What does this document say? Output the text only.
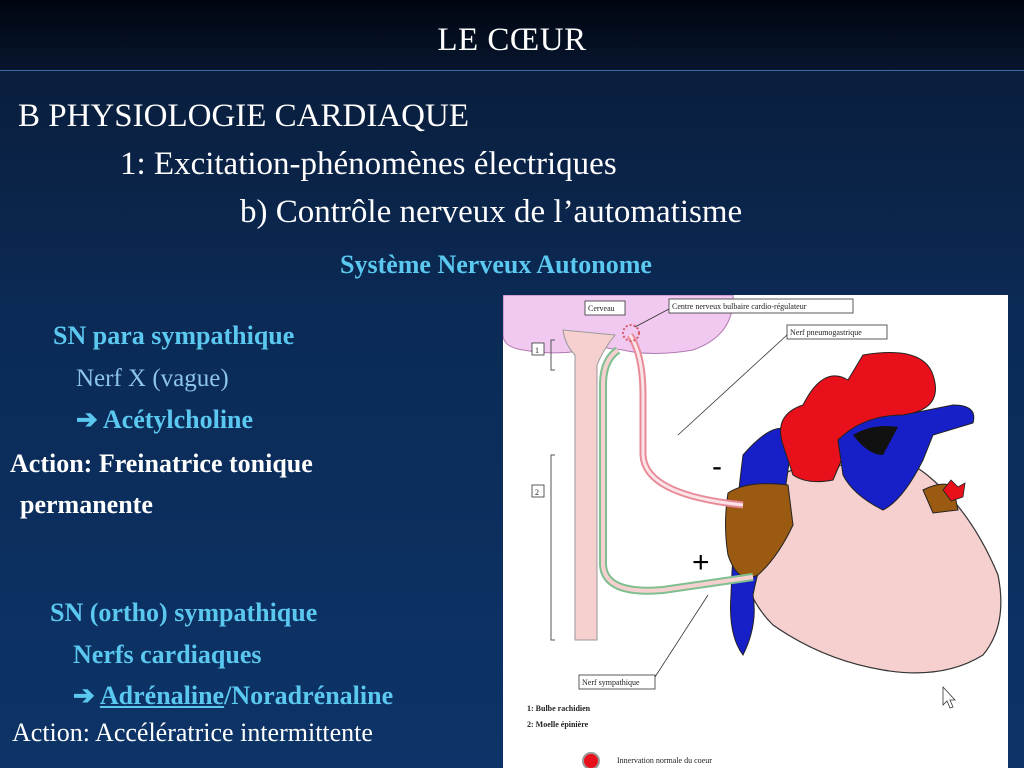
LE CŒUR
B PHYSIOLOGIE CARDIAQUE
1: Excitation-phénomènes électriques
b) Contrôle nerveux de l’automatisme
Système Nerveux Autonome
SN para sympathique
Nerf X (vague)
➔ Acétylcholine
Action: Freinatrice tonique
permanente
SN (ortho) sympathique
Nerfs cardiaques
➔ Adrénaline/Noradrénaline
Action: Accélératrice intermittente
1
2
Cerveau	Centre nerveux bulbaire cardio-régulateur
Nerf pneumogastrique
Nerf sympathique
1: Bulbe rachidien
2: Moelle épinière
Innervation normale du coeur
-
+
